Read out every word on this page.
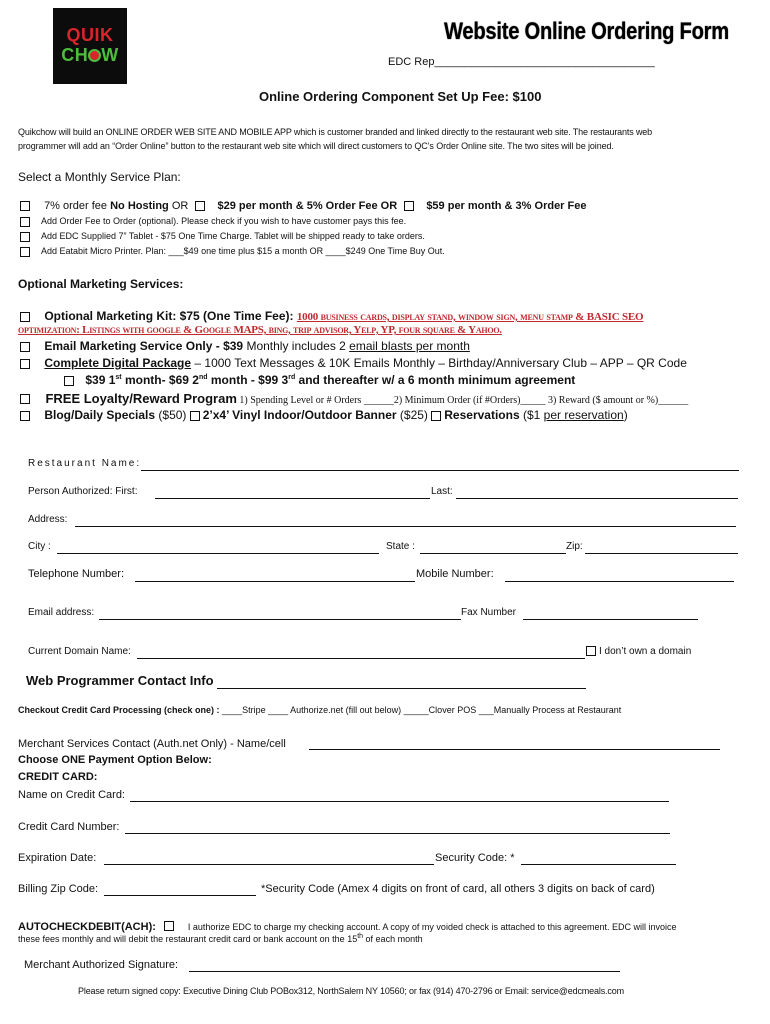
QUIK
CH W
Website Online Ordering Form
EDC Rep____________________________________
Online Ordering Component Set Up Fee: $100
Quikchow will build an ONLINE ORDER WEB SITE AND MOBILE APP which is customer branded and linked directly to the restaurant web site. The restaurants web
programmer will add an “Order Online” button to the restaurant web site which will direct customers to QC’s Order Online site. The two sites will be joined.
Select a Monthly Service Plan:
7% order fee No Hosting OR  $29 per month & 5% Order Fee OR	$59 per month & 3% Order Fee
Add Order Fee to Order (optional). Please check if you wish to have customer pays this fee.
Add EDC Supplied 7” Tablet - $75 One Time Charge. Tablet will be shipped ready to take orders.
Add Eatabit Micro Printer. Plan: ___$49 one time plus $15 a month OR ____$249 One Time Buy Out.
Optional Marketing Services:
Optional Marketing Kit: $75 (One Time Fee): 1000 business cards, display stand, window sign, menu stamp & BASIC SEO
optimization: Listings with google & Google MAPS, bing, trip advisor, Yelp, YP, four square & Yahoo.
Email Marketing Service Only - $39 Monthly includes 2 email blasts per month
Complete Digital Package – 1000 Text Messages & 10K Emails Monthly – Birthday/Anniversary Club – APP – QR Code
$39 1st month- $69 2nd month - $99 3rd and thereafter w/ a 6 month minimum agreement
FREE Loyalty/Reward Program 1) Spending Level or # Orders ______2) Minimum Order (if #Orders)_____ 3) Reward ($ amount or %)______
Blog/Daily Specials ($50) 2’x4’ Vinyl Indoor/Outdoor Banner ($25) Reservations ($1 per reservation)
Restaurant Name:
Person Authorized: First:	Last:
Address:
City :	State :	Zip:
Telephone Number:	Mobile Number:
Email address:	Fax Number
Current Domain Name:	I don’t own a domain
Web Programmer Contact Info
Checkout Credit Card Processing (check one) : ____Stripe ____ Authorize.net (fill out below) _____Clover POS ___Manually Process at Restaurant
Merchant Services Contact (Auth.net Only) - Name/cell
Choose ONE Payment Option Below:
CREDIT CARD:
Name on Credit Card:
Credit Card Number:
Expiration Date:	Security Code: *
Billing Zip Code:	*Security Code (Amex 4 digits on front of card, all others 3 digits on back of card)
AUTOCHECKDEBIT(ACH):	I authorize EDC to charge my checking account. A copy of my voided check is attached to this agreement. EDC will invoice
these fees monthly and will debit the restaurant credit card or bank account on the 15th of each month
Merchant Authorized Signature:
Please return signed copy: Executive Dining Club POBox312, NorthSalem NY 10560; or fax (914) 470-2796 or Email: service@edcmeals.com
